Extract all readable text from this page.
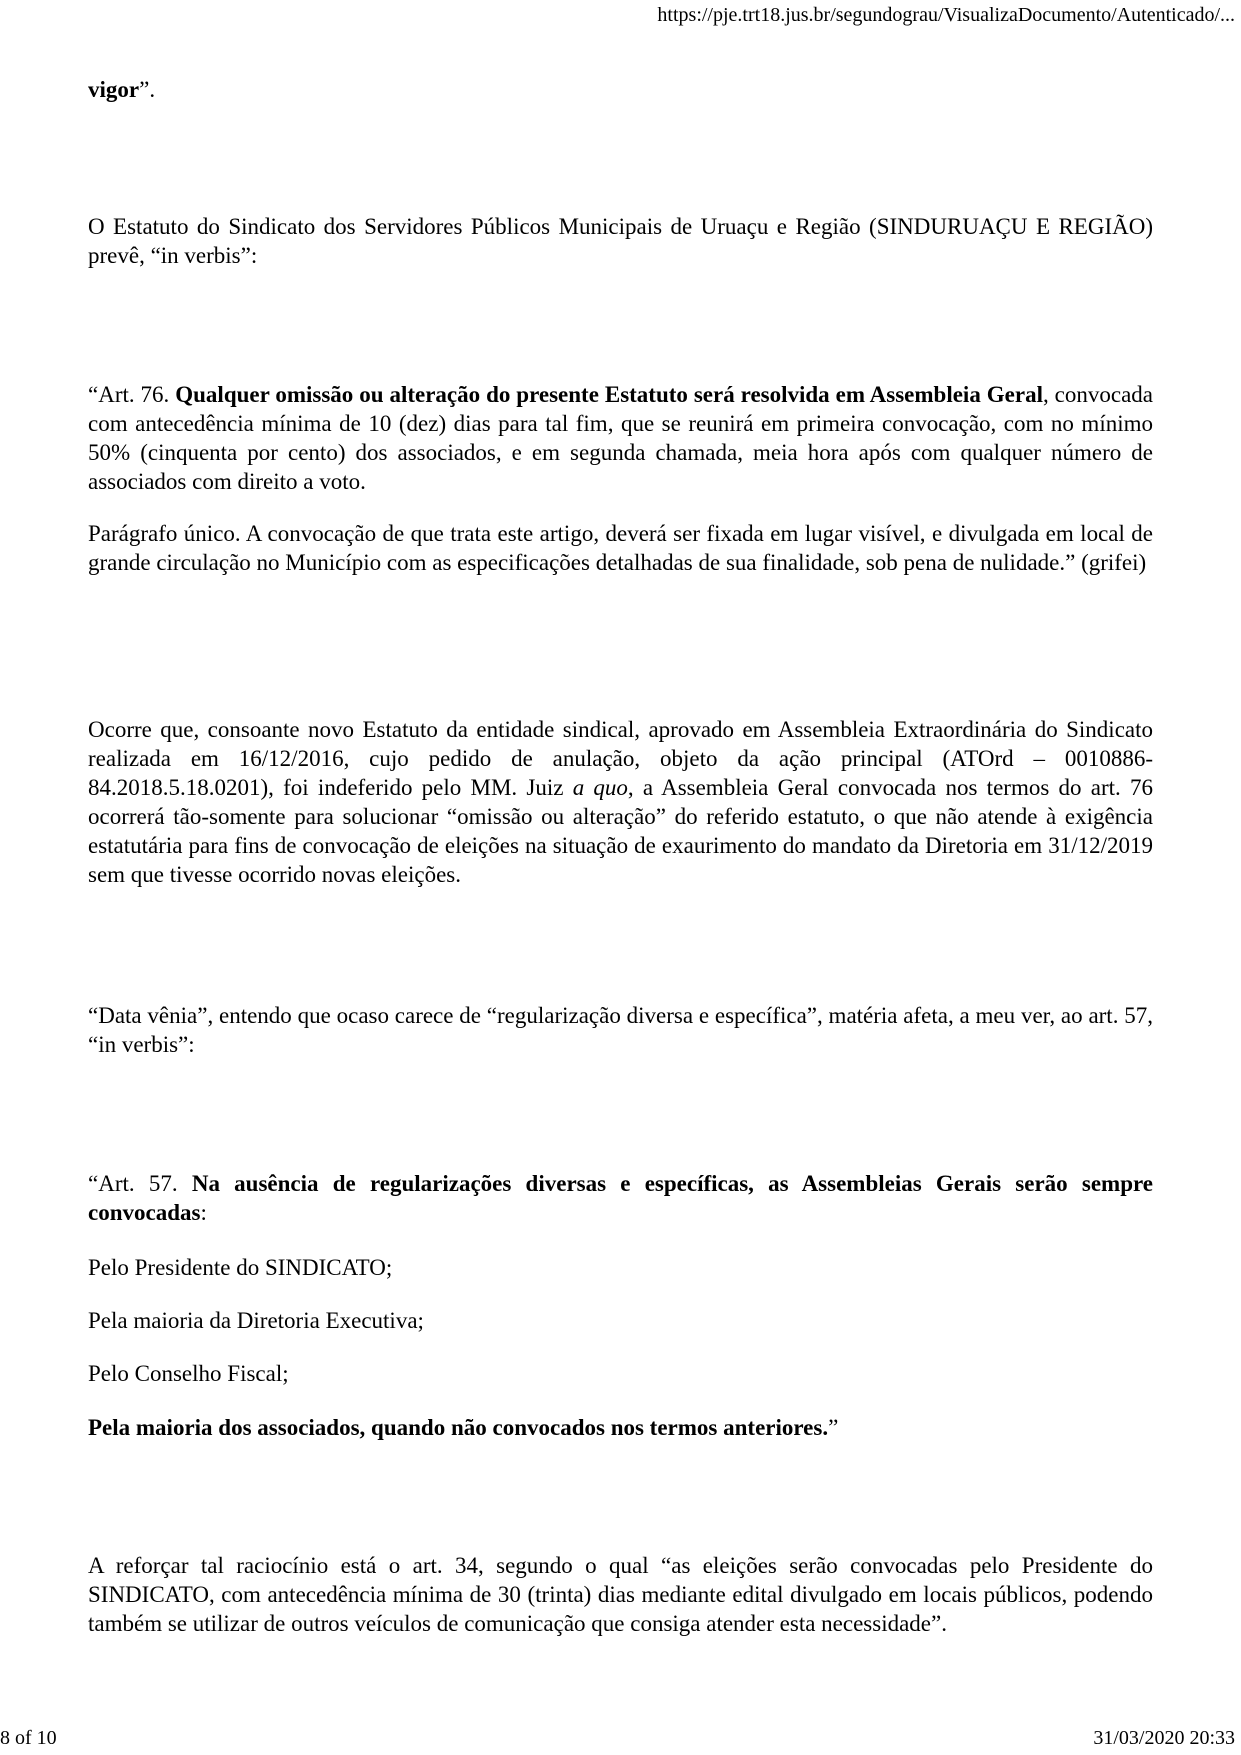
https://pje.trt18.jus.br/segundograu/VisualizaDocumento/Autenticado/...

vigor”.

O Estatuto do Sindicato dos Servidores Públicos Municipais de Uruaçu e Região (SINDURUAÇU E REGIÃO) prevê, “in verbis”:

“Art. 76. Qualquer omissão ou alteração do presente Estatuto será resolvida em Assembleia Geral, convocada com antecedência mínima de 10 (dez) dias para tal fim, que se reunirá em primeira convocação, com no mínimo 50% (cinquenta por cento) dos associados, e em segunda chamada, meia hora após com qualquer número de associados com direito a voto.

Parágrafo único. A convocação de que trata este artigo, deverá ser fixada em lugar visível, e divulgada em local de grande circulação no Município com as especificações detalhadas de sua finalidade, sob pena de nulidade.” (grifei)

Ocorre que, consoante novo Estatuto da entidade sindical, aprovado em Assembleia Extraordinária do Sindicato realizada em 16/12/2016, cujo pedido de anulação, objeto da ação principal (ATOrd – 0010886-84.2018.5.18.0201), foi indeferido pelo MM. Juiz a quo, a Assembleia Geral convocada nos termos do art. 76 ocorrerá tão-somente para solucionar “omissão ou alteração” do referido estatuto, o que não atende à exigência estatutária para fins de convocação de eleições na situação de exaurimento do mandato da Diretoria em 31/12/2019 sem que tivesse ocorrido novas eleições.

“Data vênia”, entendo que ocaso carece de “regularização diversa e específica”, matéria afeta, a meu ver, ao art. 57, “in verbis”:

“Art. 57. Na ausência de regularizações diversas e específicas, as Assembleias Gerais serão sempre convocadas:

Pelo Presidente do SINDICATO;

Pela maioria da Diretoria Executiva;

Pelo Conselho Fiscal;

Pela maioria dos associados, quando não convocados nos termos anteriores.”

A reforçar tal raciocínio está o art. 34, segundo o qual “as eleições serão convocadas pelo Presidente do SINDICATO, com antecedência mínima de 30 (trinta) dias mediante edital divulgado em locais públicos, podendo também se utilizar de outros veículos de comunicação que consiga atender esta necessidade”.

8 of 10	31/03/2020 20:33
